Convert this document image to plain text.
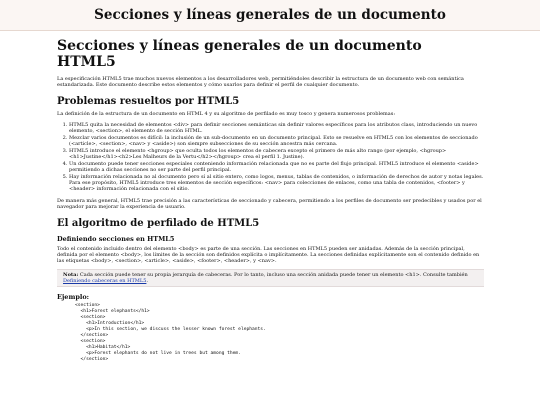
Secciones y líneas generales de un documento
Secciones y líneas generales de un documento HTML5

La especificación HTML5 trae muchos nuevos elementos a los desarrolladores web, permitiéndoles describir la estructura de un documento web con semántica estandarizada. Este documento describe estos elementos y cómo usarlos para definir el perfil de cualquier documento.

Problemas resueltos por HTML5

La definición de la estructura de un documento en HTML 4 y su algoritmo de perfilado es muy tosco y genera numerosos problemas:

1. HTML5 quita la necesidad de elementos <div> para definir secciones semánticas sin definir valores específicos para los atributos class, introduciendo un nuevo elemento, <section>, el elemento de sección HTML.
2. Mezclar varios documentos es difícil: la inclusión de un sub-documento en un documento principal. Esto se resuelve en HTML5 con los elementos de seccionado (<article>, <section>, <nav> y <aside>) son siempre subsecciones de su sección ancestra más cercana.
3. HTML5 introduce el elemento <hgroup> que oculta todos los elementos de cabecera excepto el primero de más alto rango (por ejemplo, <hgroup> <h1>Justine</h1><h2>Les Malheurs de la Vertu</h2></hgroup> crea el perfil 1. Justine).
4. Un documento puede tener secciones especiales conteniendo información relacionada que no es parte del flujo principal. HTML5 introduce el elemento <aside> permitiendo a dichas secciones no ser parte del perfil principal.
5. Hay información relacionada no al documento pero sí al sitio entero, como logos, menus, tablas de contenidos, o información de derechos de autor y notas legales. Para ese propósito, HTML5 introduce tres elementos de sección específicos: <nav> para colecciones de enlaces, como una tabla de contenidos, <footer> y <header> información relacionada con el sitio.

De manera más general, HTML5 trae precisión a las características de seccionado y cabecera, permitiendo a los perfiles de documento ser predecibles y usados por el navegador para mejorar la experiencia de usuario.

El algoritmo de perfilado de HTML5
Definiendo secciones en HTML5

Todo el contenido incluido dentro del elemento <body> es parte de una sección. Las secciones en HTML5 pueden ser anidadas. Además de la sección principal, definida por el elemento <body>, los límites de la sección son definidos explícita o implícitamente. La secciones definidas explícitamente son el contenido definido en las etiquetas <body>, <section>, <article>, <aside>, <footer>, <header>, y <nav>.

Nota: Cada sección puede tener su propia jerarquía de cabeceras. Por lo tanto, incluso una sección anidada puede tener un elemento <h1>. Consulte también Definiendo cabeceras en HTML5.
Ejemplo:
<section>
<h1>Forest elephants</h1>
<section>
<h1>Introduction</h1>
<p>In this section, we discuss the lesser known forest elephants.
</section>
<section>
<h1>Habitat</h1>
<p>Forest elephants do not live in trees but among them.
</section>
